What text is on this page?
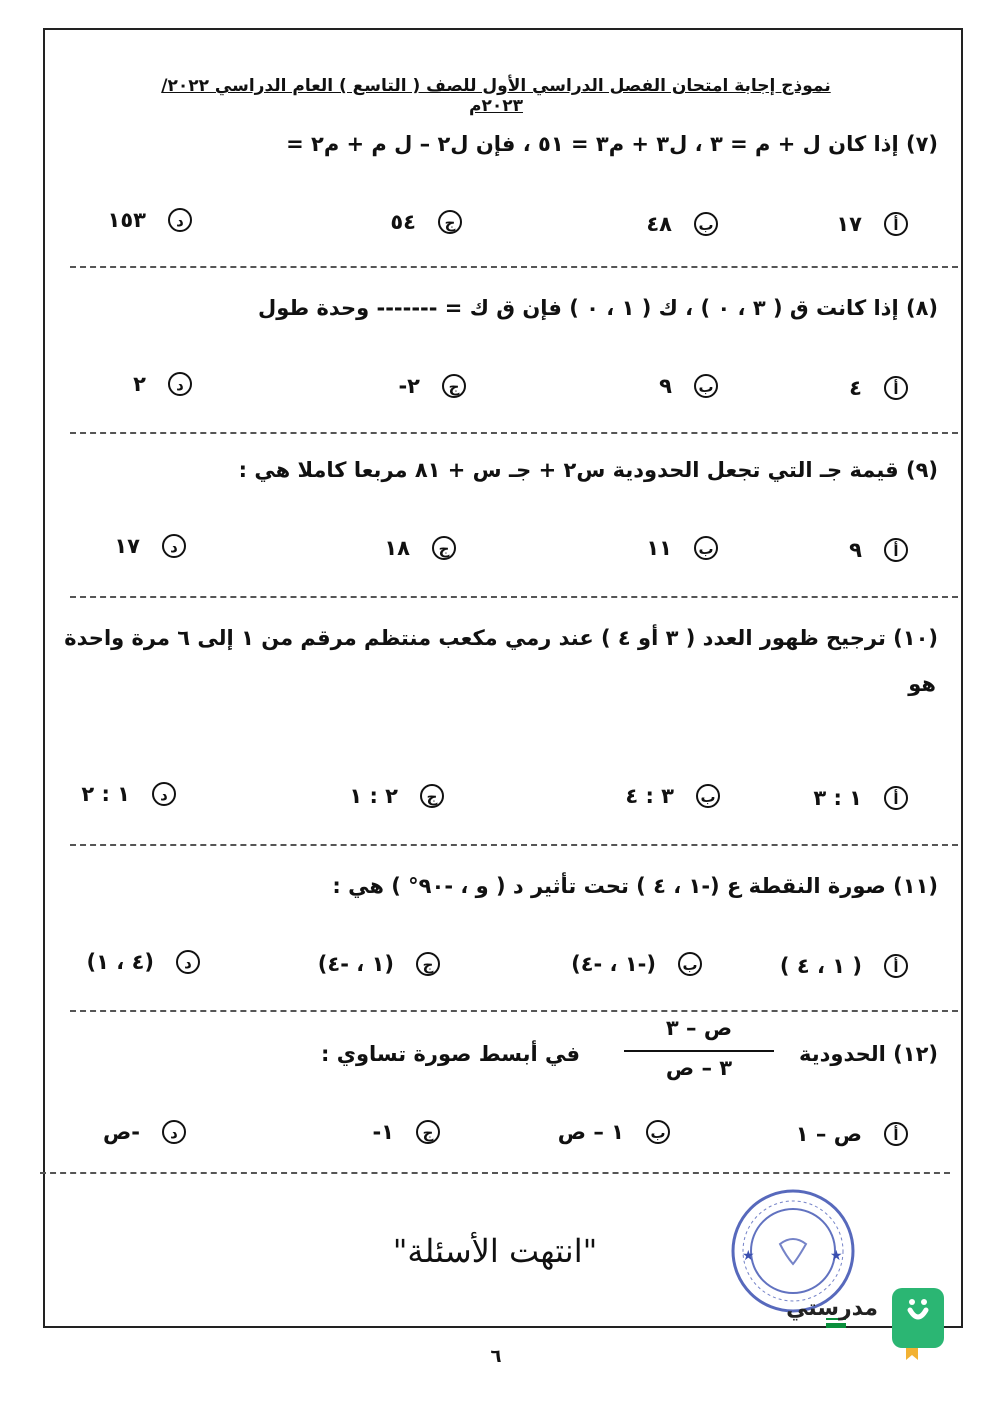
نموذج إجابة امتحان الفصل الدراسي الأول للصف ( التاسع ) العام الدراسي ٢٠٢٢/ ٢٠٢٣م
(٧) إذا كان ل + م = ٣ ، ل٣ + م٣ = ٥١ ، فإن ل٢ – ل م + م٢ =
أ
١٧
ب
٤٨
ج
٥٤
د
١٥٣
(٨) إذا كانت ق ( ٣ ، ٠ ) ، ك ( ١ ، ٠ ) فإن ق ك = ------- وحدة طول
أ
٤
ب
٩
ج
٢-
د
٢
(٩) قيمة جـ التي تجعل الحدودية س٢ + جـ س + ٨١ مربعا كاملا هي :
أ
٩
ب
١١
ج
١٨
د
١٧
(١٠) ترجيح ظهور العدد ( ٣ أو ٤ ) عند رمي مكعب منتظم مرقم من ١ إلى ٦ مرة واحدة
هو
أ
١ : ٣
ب
٣ : ٤
ج
٢ : ١
د
١ : ٢
(١١) صورة النقطة ع (-١ ، ٤ ) تحت تأثير د ( و ، -٩٠° ) هي :
أ
( ١ ، ٤ )
ب
(-١ ، -٤)
ج
(١ ، -٤)
د
(٤ ، ١)
(١٢) الحدودية
ص – ٣
٣ – ص
في أبسط صورة تساوي :
أ
ص – ١
ب
١ – ص
ج
١-
د
-ص
"انتهت الأسئلة"	★	★
مدرستي
٦
